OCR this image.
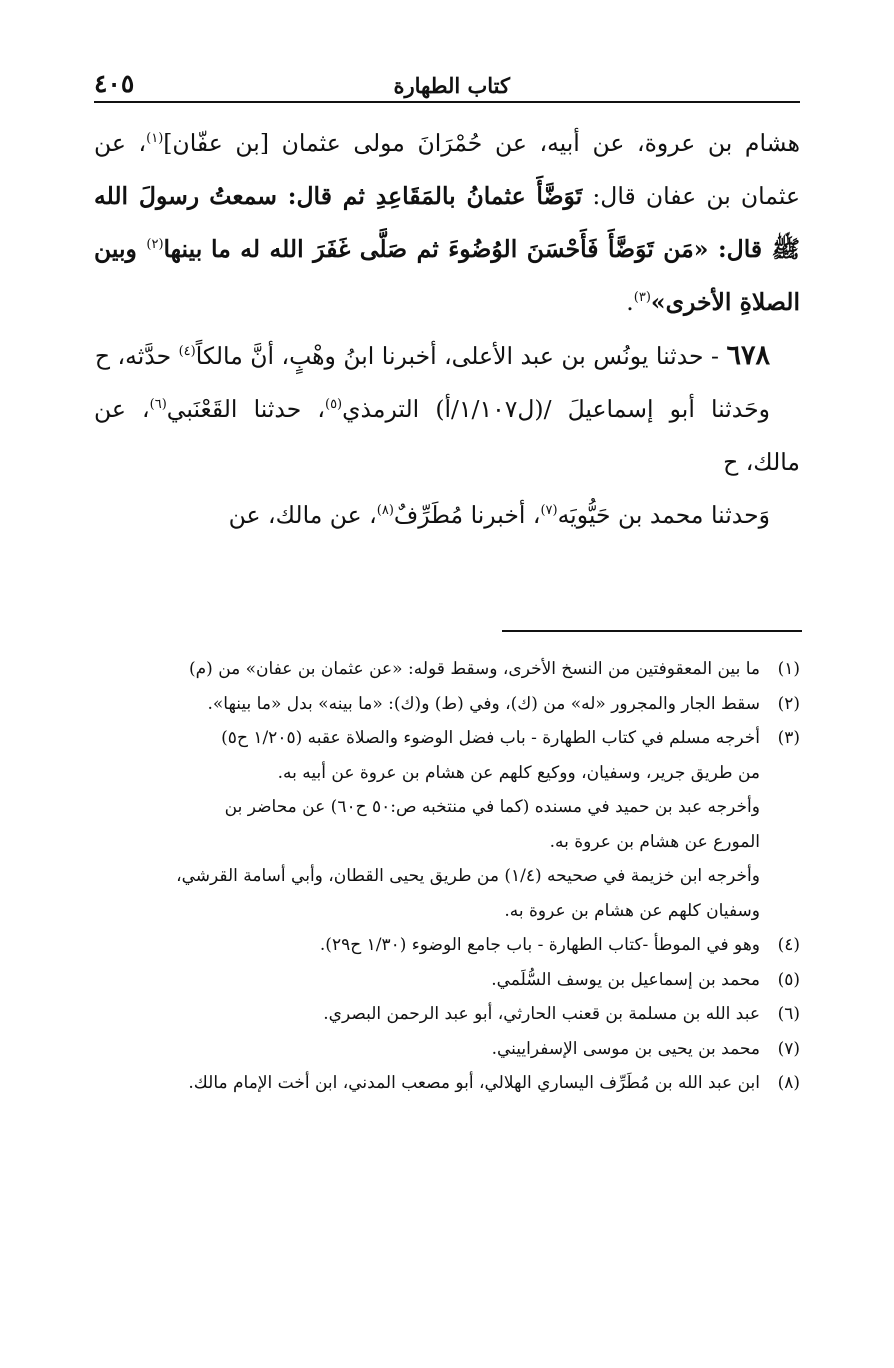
٤٠٥	كتاب الطهارة

هشام بن عروة، عن أبيه، عن حُمْرَانَ مولى عثمان [بن عفّان]$^{(١)}$، عن عثمان بن عفان قال: تَوَضَّأَ عثمانُ بالمَقَاعِدِ ثم قال: سمعتُ رسولَ الله ﷺ قال: «مَن تَوَضَّأَ فَأَحْسَنَ الوُضُوءَ ثم صَلَّى غَفَرَ الله له ما بينها$^{(٢)}$ وبين الصلاةِ الأخرى»$^{(٣)}$.

٦٧٨ - حدثنا يونُس بن عبد الأعلى، أخبرنا ابنُ وهْبٍ، أنَّ مالكاً$^{(٤)}$ حدَّثه، ح

وحَدثنا أبو إسماعيلَ /(ل١/١٠٧/أ) الترمذي$^{(٥)}$، حدثنا القَعْنَبي$^{(٦)}$، عن مالك، ح

وَحدثنا محمد بن حَيُّويَه$^{(٧)}$، أخبرنا مُطَرِّفٌ$^{(٨)}$، عن مالك، عن

(١)
ما بين المعقوفتين من النسخ الأخرى، وسقط قوله: «عن عثمان بن عفان» من (م)
(٢)
سقط الجار والمجرور «له» من (ك)، وفي (ط) و(ك): «ما بينه» بدل «ما بينها».
(٣)
أخرجه مسلم في كتاب الطهارة - باب فضل الوضوء والصلاة عقبه (١/٢٠٥ ح٥)
من طريق جرير، وسفيان، ووكيع كلهم عن هشام بن عروة عن أبيه به.
وأخرجه عبد بن حميد في مسنده (كما في منتخبه ص:٥٠ ح٦٠) عن محاضر بن
المورع عن هشام بن عروة به.
وأخرجه ابن خزيمة في صحيحه (١/٤) من طريق يحيى القطان، وأبي أسامة القرشي،
وسفيان كلهم عن هشام بن عروة به.
(٤)
وهو في الموطأ -كتاب الطهارة - باب جامع الوضوء (١/٣٠ ح٢٩).
(٥)
محمد بن إسماعيل بن يوسف السُّلَمي.
(٦)
عبد الله بن مسلمة بن قعنب الحارثي، أبو عبد الرحمن البصري.
(٧)
محمد بن يحيى بن موسى الإسفراييني.
(٨)
ابن عبد الله بن مُطَرِّف اليساري الهلالي، أبو مصعب المدني، ابن أخت الإمام مالك.
